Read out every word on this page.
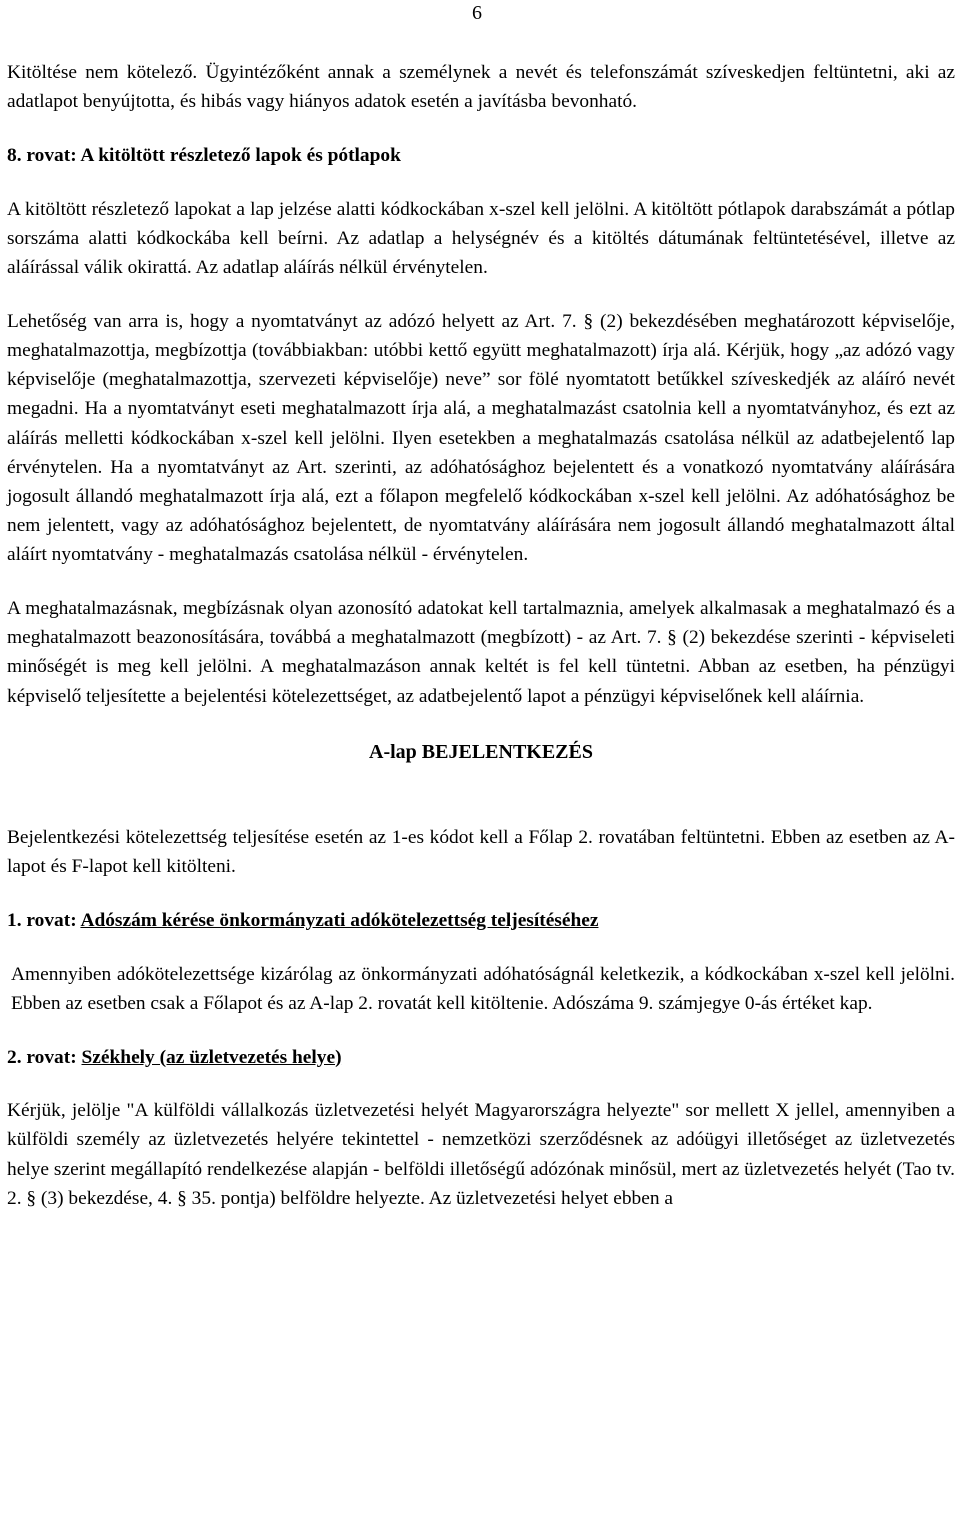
6

Kitöltése nem kötelező. Ügyintézőként annak a személynek a nevét és telefonszámát szíveskedjen feltüntetni, aki az adatlapot benyújtotta, és hibás vagy hiányos adatok esetén a javításba bevonható.

8. rovat: A kitöltött részletező lapok és pótlapok

A kitöltött részletező lapokat a lap jelzése alatti kódkockában x-szel kell jelölni. A kitöltött pótlapok darabszámát a pótlap sorszáma alatti kódkockába kell beírni. Az adatlap a helységnév és a kitöltés dátumának feltüntetésével, illetve az aláírással válik okirattá. Az adatlap aláírás nélkül érvénytelen.

Lehetőség van arra is, hogy a nyomtatványt az adózó helyett az Art. 7. § (2) bekezdésében meghatározott képviselője, meghatalmazottja, megbízottja (továbbiakban: utóbbi kettő együtt meghatalmazott) írja alá. Kérjük, hogy „az adózó vagy képviselője (meghatalmazottja, szervezeti képviselője) neve” sor fölé nyomtatott betűkkel szíveskedjék az aláíró nevét megadni. Ha a nyomtatványt eseti meghatalmazott írja alá, a meghatalmazást csatolnia kell a nyomtatványhoz, és ezt az aláírás melletti kódkockában x-szel kell jelölni. Ilyen esetekben a meghatalmazás csatolása nélkül az adatbejelentő lap érvénytelen. Ha a nyomtatványt az Art. szerinti, az adóhatósághoz bejelentett és a vonatkozó nyomtatvány aláírására jogosult állandó meghatalmazott írja alá, ezt a főlapon megfelelő kódkockában x-szel kell jelölni. Az adóhatósághoz be nem jelentett, vagy az adóhatósághoz bejelentett, de nyomtatvány aláírására nem jogosult állandó meghatalmazott által aláírt nyomtatvány - meghatalmazás csatolása nélkül - érvénytelen.

A meghatalmazásnak, megbízásnak olyan azonosító adatokat kell tartalmaznia, amelyek alkalmasak a meghatalmazó és a meghatalmazott beazonosítására, továbbá a meghatalmazott (megbízott) - az Art. 7. § (2) bekezdése szerinti - képviseleti minőségét is meg kell jelölni. A meghatalmazáson annak keltét is fel kell tüntetni. Abban az esetben, ha pénzügyi képviselő teljesítette a bejelentési kötelezettséget, az adatbejelentő lapot a pénzügyi képviselőnek kell aláírnia.

A-lap BEJELENTKEZÉS

Bejelentkezési kötelezettség teljesítése esetén az 1-es kódot kell a Főlap 2. rovatában feltüntetni. Ebben az esetben az A-lapot és F-lapot kell kitölteni.

1. rovat: Adószám kérése önkormányzati adókötelezettség teljesítéséhez

Amennyiben adókötelezettsége kizárólag az önkormányzati adóhatóságnál keletkezik, a kódkockában x-szel kell jelölni. Ebben az esetben csak a Főlapot és az A-lap 2. rovatát kell kitöltenie. Adószáma 9. számjegye 0-ás értéket kap.

2. rovat: Székhely (az üzletvezetés helye)

Kérjük, jelölje "A külföldi vállalkozás üzletvezetési helyét Magyarországra helyezte" sor mellett X jellel, amennyiben a külföldi személy az üzletvezetés helyére tekintettel - nemzetközi szerződésnek az adóügyi illetőséget az üzletvezetés helye szerint megállapító rendelkezése alapján - belföldi illetőségű adózónak minősül, mert az üzletvezetés helyét (Tao tv. 2. § (3) bekezdése, 4. § 35. pontja) belföldre helyezte. Az üzletvezetési helyet ebben a
